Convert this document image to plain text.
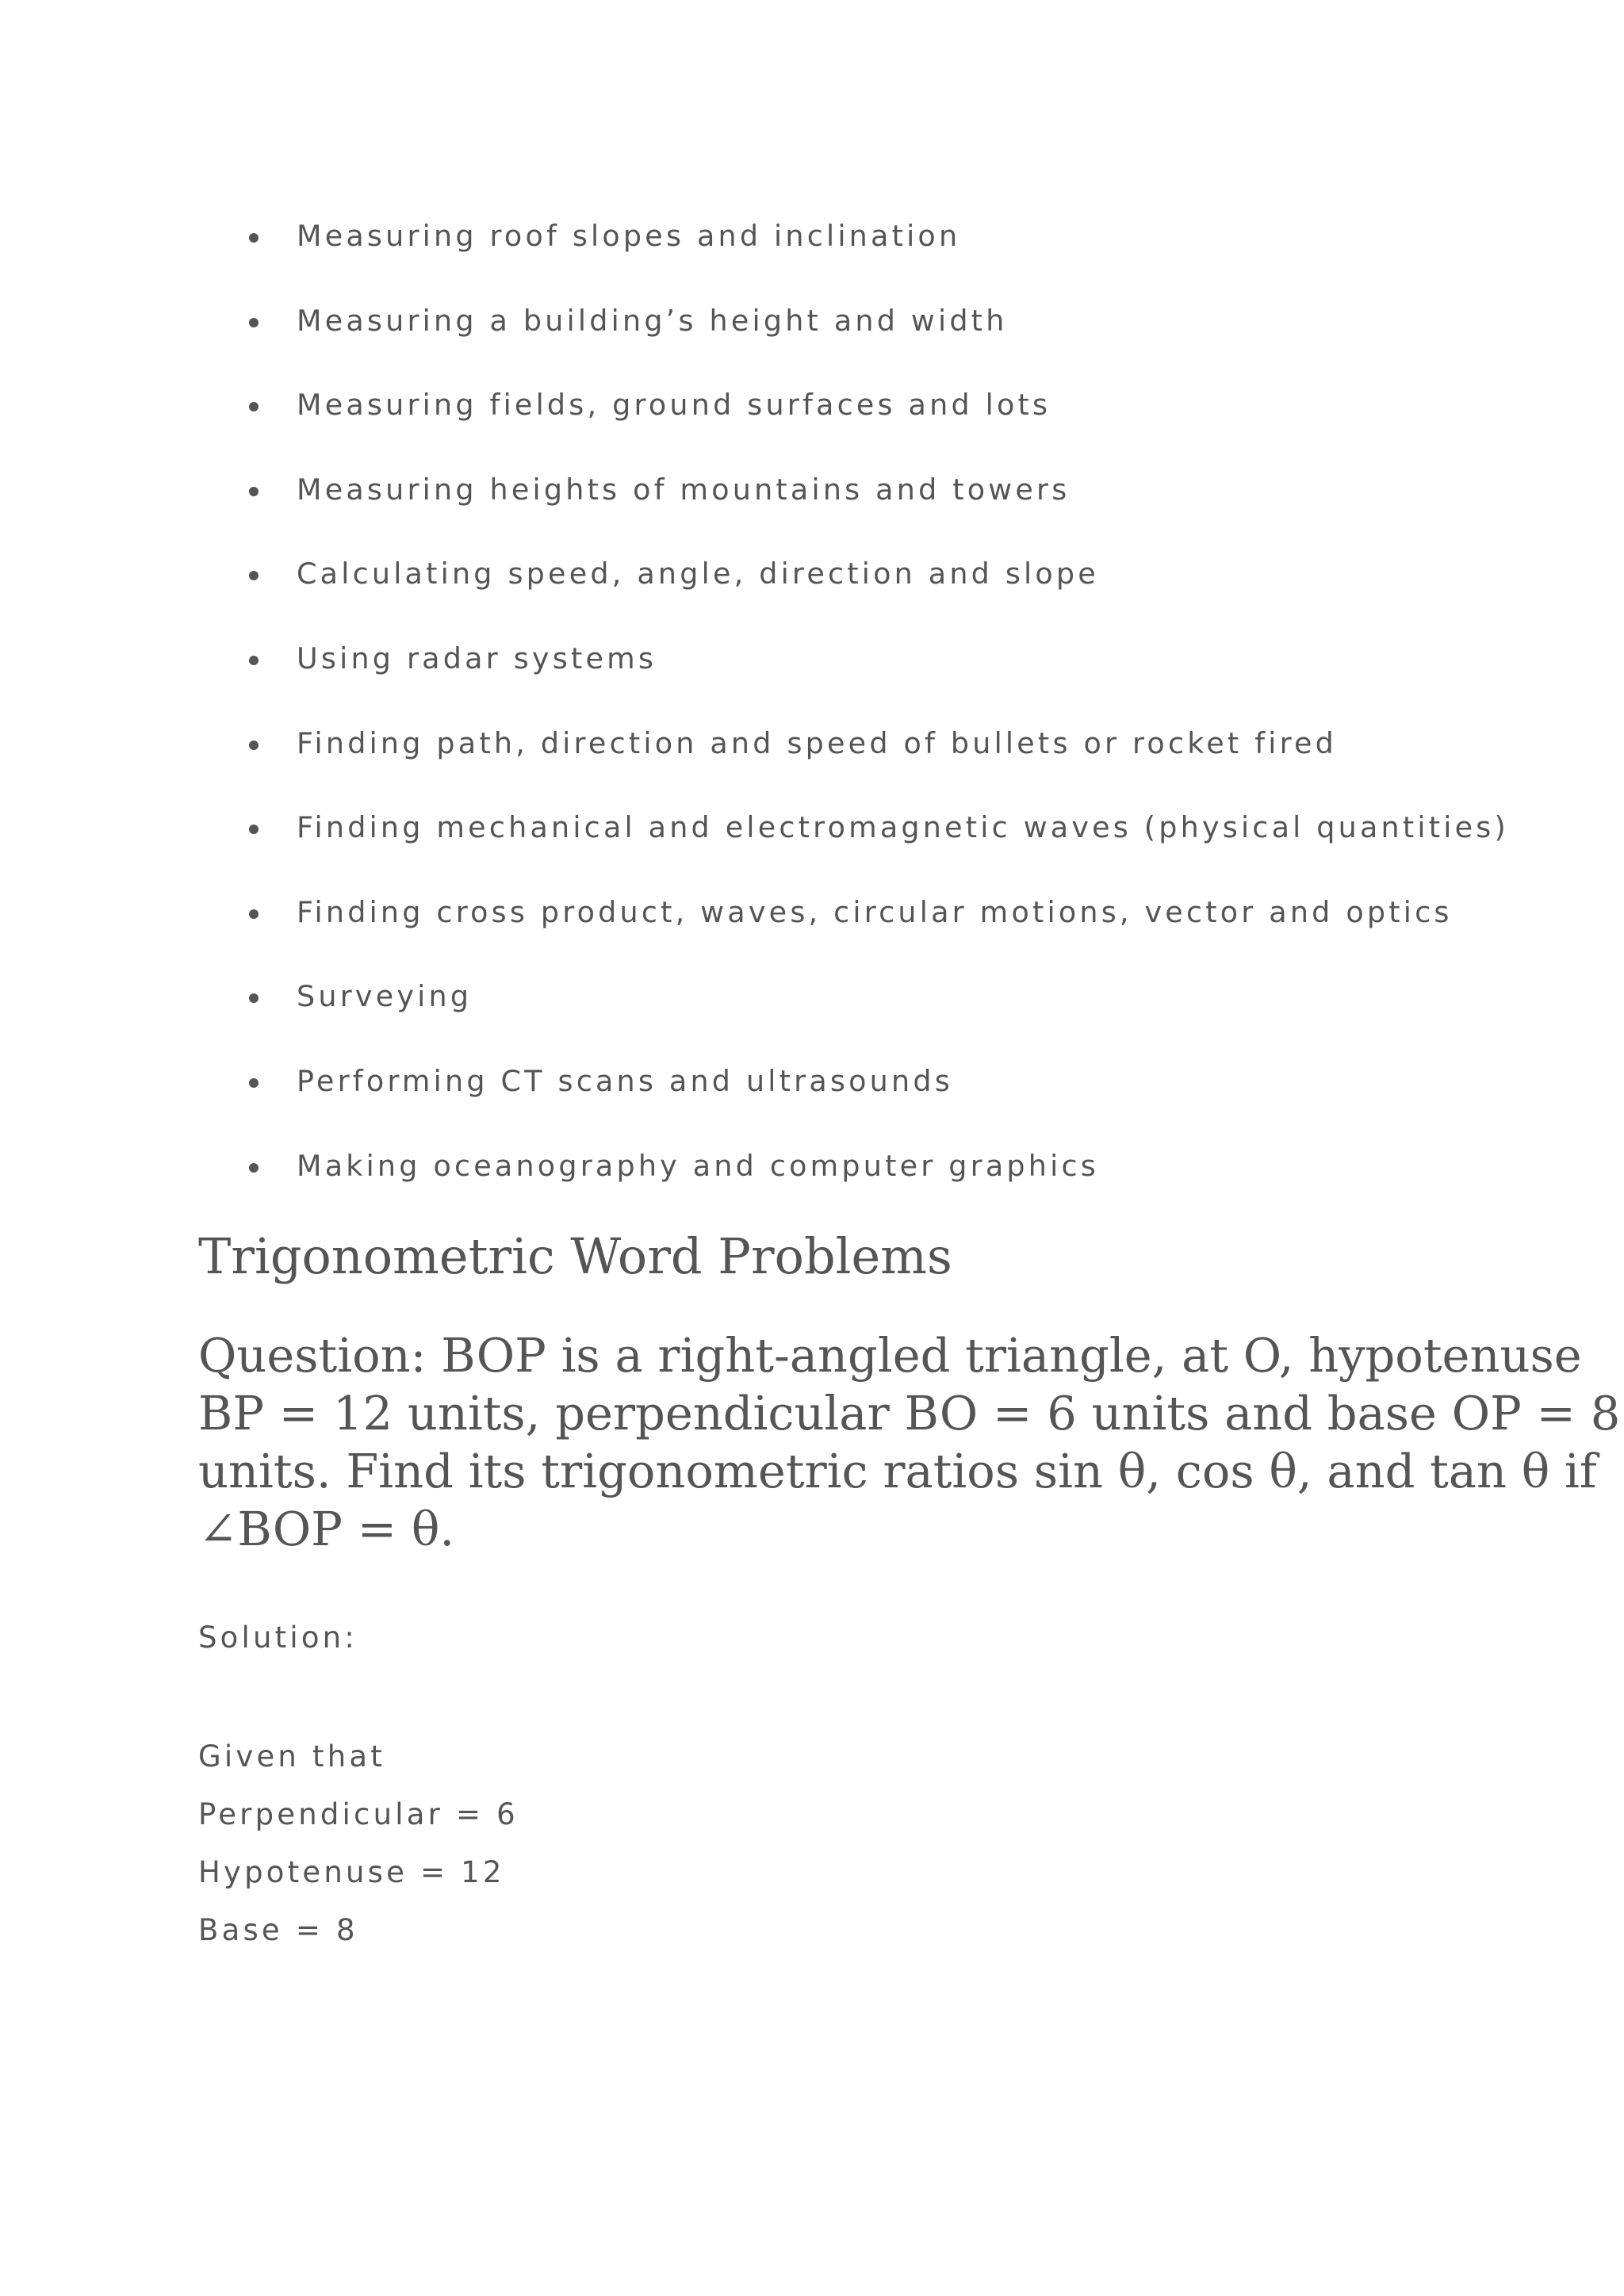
Measuring roof slopes and inclination
Measuring a building’s height and width
Measuring fields, ground surfaces and lots
Measuring heights of mountains and towers
Calculating speed, angle, direction and slope
Using radar systems
Finding path, direction and speed of bullets or rocket fired
Finding mechanical and electromagnetic waves (physical quantities)
Finding cross product, waves, circular motions, vector and optics
Surveying
Performing CT scans and ultrasounds
Making oceanography and computer graphics
Trigonometric Word Problems
Question: BOP is a right-angled triangle, at O, hypotenuse
BP = 12 units, perpendicular BO = 6 units and base OP = 8
units. Find its trigonometric ratios sin θ, cos θ, and tan θ if
∠BOP = θ.
Solution:
Given that
Perpendicular = 6
Hypotenuse = 12
Base = 8
